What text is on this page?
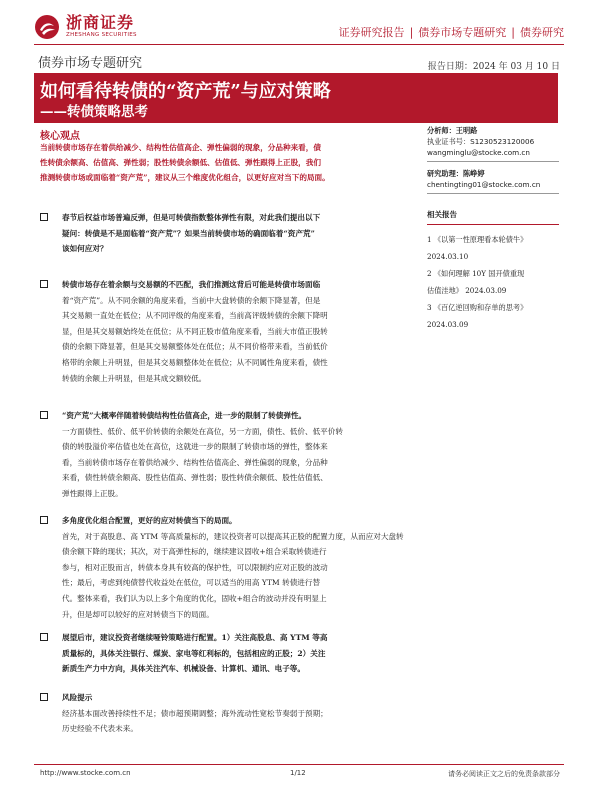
浙商证券
ZHESHANG SECURITIES	证券研究报告 | 债券市场专题研究 | 债券研究
债券市场专题研究	报告日期：2024 年 03 月 10 日
如何看待转债的“资产荒”与应对策略
——转债策略思考
核心观点
当前转债市场存在着供给减少、结构性估值高企、弹性偏弱的现象，分品种来看，债
性转债余额高、估值高、弹性弱；股性转债余额低、估值低、弹性跟得上正股，我们
推测转债市场或面临着“资产荒”，建议从三个维度优化组合，以更好应对当下的局面。
分析师：王明路
执业证书号：S1230523120006
wangminglu@stocke.com.cn
研究助理：陈峥婷
chentingting01@stocke.com.cn
相关报告
1 《以第一性原理看本轮债牛》
2024.03.10
2 《如何理解 10Y 国开债重现
估值洼地》 2024.03.09
3 《百亿逆回购和存单的思考》
2024.03.09
春节后权益市场普遍反弹，但是可转债指数整体弹性有限，对此我们提出以下
疑问：转债是不是面临着“资产荒”？如果当前转债市场的确面临着“资产荒”
该如何应对？
转债市场存在着余额与交易额的不匹配，我们推测这背后可能是转债市场面临
着“资产荒”。从不同余额的角度来看，当前中大盘转债的余额下降显著，但是
其交易额一直处在低位；从不同评级的角度来看，当前高评级转债的余额下降明
显，但是其交易额始终处在低位；从不同正股市值角度来看，当前大市值正股转
债的余额下降显著，但是其交易额整体处在低位；从不同价格带来看，当前低价
格带的余额上升明显，但是其交易额整体处在低位；从不同属性角度来看，债性
转债的余额上升明显，但是其成交额较低。
“资产荒”大概率伴随着转债结构性估值高企，进一步的限制了转债弹性。
一方面债性、低价、低平价转债的余额处在高位，另一方面，债性、低价、低平价转
债的转股溢价率估值也处在高位，这就进一步的限制了转债市场的弹性，整体来
看，当前转债市场存在着供给减少、结构性估值高企、弹性偏弱的现象，分品种
来看，债性转债余额高、股性估值高、弹性弱；股性转债余额低、股性估值低、
弹性跟得上正股。
多角度优化组合配置，更好的应对转债当下的局面。
首先，对于高股息、高 YTM 等高质量标的，建议投资者可以提高其正股的配置力度，从而应对大盘转
债余额下降的现状；其次，对于高弹性标的，继续建议固收+组合采取转债进行
参与，相对正股而言，转债本身具有较高的保护性，可以限制约应对正股的波动
性；最后，考虑到纯债替代收益处在低位，可以适当的用高 YTM 转债进行替
代。整体来看，我们认为以上多个角度的优化，固收+组合的波动并没有明显上
升，但是却可以较好的应对转债当下的局面。
展望后市，建议投资者继续哑铃策略进行配置。1）关注高股息、高 YTM 等高
质量标的，具体关注银行、煤炭、家电等红利标的，包括相应的正股；2）关注
新质生产力中方向，具体关注汽车、机械设备、计算机、通讯、电子等。
风险提示
经济基本面改善持续性不足；债市超预期调整；海外流动性宽松节奏弱于预期；
历史经验不代表未来。
http://www.stocke.com.cn	1/12	请务必阅读正文之后的免责条款部分
